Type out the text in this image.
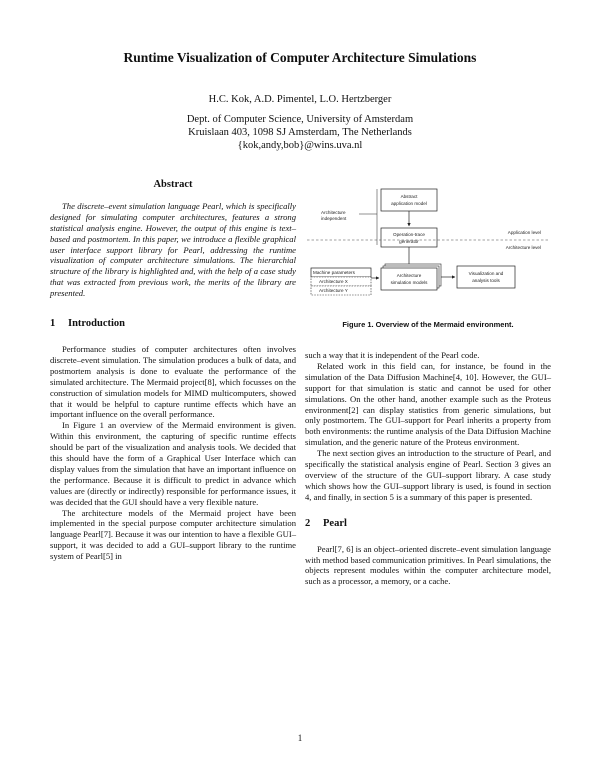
Runtime Visualization of Computer Architecture Simulations
H.C. Kok, A.D. Pimentel, L.O. Hertzberger
Dept. of Computer Science, University of Amsterdam
Kruislaan 403, 1098 SJ Amsterdam, The Netherlands
{kok,andy,bob}@wins.uva.nl
Abstract

The discrete–event simulation language Pearl, which is specifically designed for simulating computer architectures, features a strong statistical analysis engine. However, the output of this engine is text–based and postmortem. In this paper, we introduce a flexible graphical user interface support library for Pearl, addressing the runtime visualization of computer architecture simulations. The hierarchial structure of the library is highlighted and, with the help of a case study that was extracted from previous work, the merits of the library are presented.

1 Introduction

Performance studies of computer architectures often involves discrete–event simulation. The simulation produces a bulk of data, and postmortem analysis is done to evaluate the performance of the simulated architecture. The Mermaid project[8], which focusses on the construction of simulation models for MIMD multicomputers, showed that it would be helpful to capture runtime effects which have an important influence on the overall performance.

In Figure 1 an overview of the Mermaid environment is given. Within this environment, the capturing of specific runtime effects should be part of the visualization and analysis tools. We decided that this should have the form of a Graphical User Interface which can display values from the simulation that have an important influence on the performance. Because it is difficult to predict in advance which values are (directly or indirectly) responsible for performance issues, it was decided that the GUI should have a very flexible nature.

The architecture models of the Mermaid project have been implemented in the special purpose computer architecture simulation language Pearl[7]. Because it was our intention to have a flexible GUI–support, it was decided to add a GUI–support library to the runtime system of Pearl[5] in

Abstract
application model
Architecture
independent
Operation-trace
generator
Application level
Architecture level
Machine parameters
Architecture X
Architecture Y
Architecture
simulation models
Visualization and
analysis tools
Figure 1. Overview of the Mermaid environment.

such a way that it is independent of the Pearl code.

Related work in this field can, for instance, be found in the simulation of the Data Diffusion Machine[4, 10]. However, the GUI–support for that simulation is static and cannot be used for other simulations. On the other hand, another example such as the Proteus environment[2] can display statistics from generic simulations, but only postmortem. The GUI–support for Pearl inherits a property from both environments: the runtime analysis of the Data Diffusion Machine simulation, and the generic nature of the Proteus environment.

The next section gives an introduction to the structure of Pearl, and specifically the statistical analysis engine of Pearl. Section 3 gives an overview of the structure of the GUI–support library. A case study which shows how the GUI–support library is used, is found in section 4, and finally, in section 5 is a summary of this paper is presented.

2 Pearl

Pearl[7, 6] is an object–oriented discrete–event simulation language with method based communication primitives. In Pearl simulations, the objects represent modules within the computer architecture model, such as a processor, a memory, or a cache.

1
